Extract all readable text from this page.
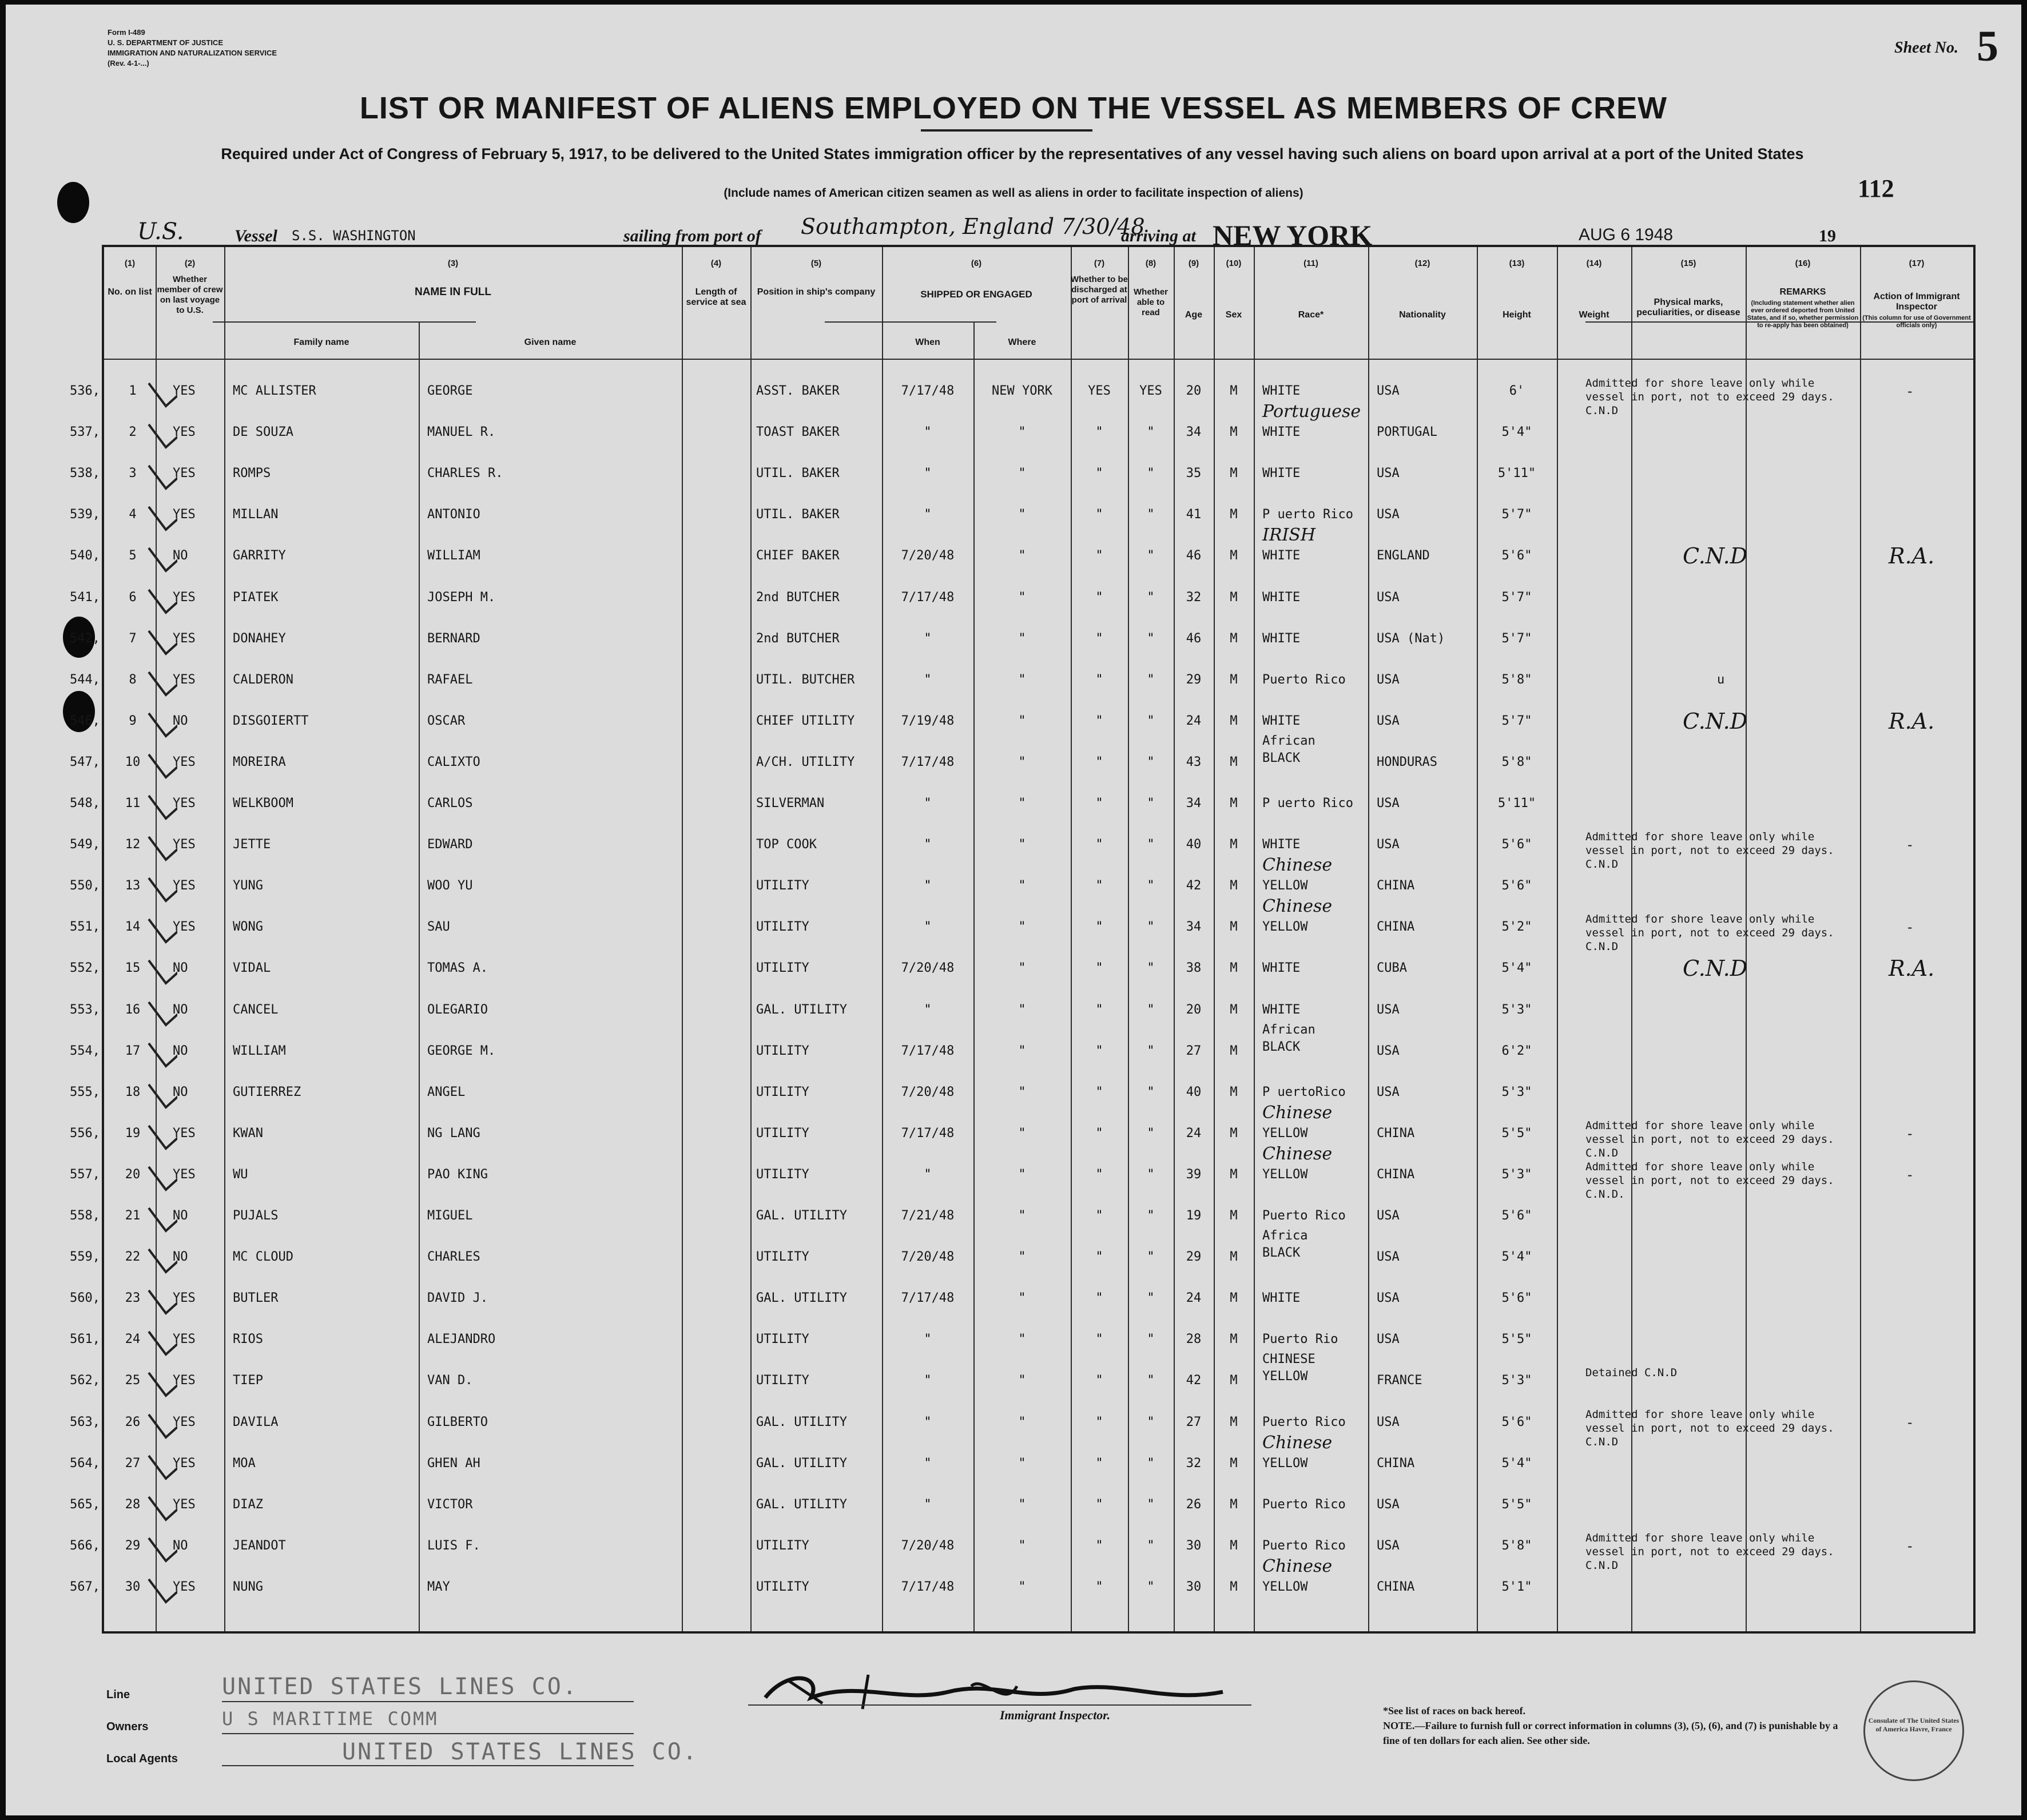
Form I-489
U. S. DEPARTMENT OF JUSTICE
IMMIGRATION AND NATURALIZATION SERVICE
(Rev. 4-1-...)
Sheet No. 5
LIST OR MANIFEST OF ALIENS EMPLOYED ON THE VESSEL AS MEMBERS OF CREW
Required under Act of Congress of February 5, 1917, to be delivered to the United States immigration officer by the representatives of any vessel having such aliens on board upon arrival at a port of the United States
(Include names of American citizen seamen as well as aliens in order to facilitate inspection of aliens)	112
U.S.	Vessel S.S. WASHINGTON	sailing from port of Southampton, England 7/30/48
arriving at NEW YORK	AUG 6 1948	19
(1)	(2)	(3)	(4)	(5)	(6)	(7)	(8)	(9)	(10)	(11)	(12)	(13)	(14)	(15)	(16)	(17)
No. on list
Whether member of crew on last voyage to U.S.
NAME IN FULL
Family name	Given name
Length of service at sea
Position in ship's company	SHIPPED OR ENGAGED
When	Where
Whether to be discharged at port of arrival
Whether able to read	Age	Sex	Race*	Nationality	Height	Weight
Physical marks, peculiarities, or disease
REMARKS
(Including statement whether alien ever ordered deported from United States, and if so, whether permission to re-apply has been obtained)
Action of Immigrant Inspector
(This column for use of Government officials only)
536,	1	YES	MC ALLISTER	GEORGE	ASST. BAKER	7/17/48	NEW YORK	YES	YES	20	M	WHITE	USA	6'
Admitted for shore leave only while vessel in port, not to exceed 29 days. C.N.D
-
537,	2	YES	DE SOUZA	MANUEL R.	TOAST BAKER	"	"	"	"	34	M	WHITE
Portuguese
PORTUGAL	5'4"
538,	3	YES	ROMPS	CHARLES R.	UTIL. BAKER	"	"	"	"	35	M	WHITE	USA	5'11"
539,	4	YES	MILLAN	ANTONIO	UTIL. BAKER	"	"	"	"	41	M	P uerto Rico USA	5'7"
540,	5	NO	GARRITY	WILLIAM	CHIEF BAKER	7/20/48	"	"	"	46	M	WHITE
IRISH
ENGLAND	5'6"	C.N.D	R.A.
541,	6	YES	PIATEK	JOSEPH M.	2nd BUTCHER	7/17/48	"	"	"	32	M	WHITE	USA	5'7"
542,	7	YES	DONAHEY	BERNARD	2nd BUTCHER	"	"	"	"	46	M	WHITE	USA (Nat)	5'7"
544,	8	YES	CALDERON	RAFAEL	UTIL. BUTCHER	"	"	"	"	29	M	Puerto Rico USA	5'8"	u
546,	9	NO	DISGOIERTT	OSCAR	CHIEF UTILITY	7/19/48	"	"	"	24	M	WHITE	USA	5'7"	C.N.D	R.A.
547,	10	YES	MOREIRA	CALIXTO	A/CH. UTILITY	7/17/48	"	"	"	43	M
African
BLACK	HONDURAS	5'8"
548,	11	YES	WELKBOOM	CARLOS	SILVERMAN	"	"	"	"	34	M	P uerto Rico USA	5'11"
549,	12	YES	JETTE	EDWARD	TOP COOK	"	"	"	"	40	M	WHITE	USA	5'6"
Admitted for shore leave only while vessel in port, not to exceed 29 days. C.N.D
-
550,	13	YES	YUNG	WOO YU	UTILITY	"	"	"	"	42	M	YELLOW
Chinese
CHINA	5'6"
551,	14	YES	WONG	SAU	UTILITY	"	"	"	"	34	M	YELLOW
Chinese
CHINA	5'2"
Admitted for shore leave only while vessel in port, not to exceed 29 days. C.N.D
-
552,	15	NO	VIDAL	TOMAS A.	UTILITY	7/20/48	"	"	"	38	M	WHITE	CUBA	5'4"	C.N.D	R.A.
553,	16	NO	CANCEL	OLEGARIO	GAL. UTILITY	"	"	"	"	20	M	WHITE	USA	5'3"
554,	17	NO	WILLIAM	GEORGE M.	UTILITY	7/17/48	"	"	"	27	M
African
BLACK	USA	6'2"
555,	18	NO	GUTIERREZ	ANGEL	UTILITY	7/20/48	"	"	"	40	M	P uertoRico USA	5'3"
556,	19	YES	KWAN	NG LANG	UTILITY	7/17/48	"	"	"	24	M	YELLOW
Chinese
CHINA	5'5"
Admitted for shore leave only while vessel in port, not to exceed 29 days. C.N.D
-
557,	20	YES	WU	PAO KING	UTILITY	"	"	"	"	39	M	YELLOW
Chinese
CHINA	5'3"
Admitted for shore leave only while vessel in port, not to exceed 29 days. C.N.D.
-
558,	21	NO	PUJALS	MIGUEL	GAL. UTILITY	7/21/48	"	"	"	19	M	Puerto Rico USA	5'6"
559,	22	NO	MC CLOUD	CHARLES	UTILITY	7/20/48	"	"	"	29	M
Africa
BLACK	USA	5'4"
560,	23	YES	BUTLER	DAVID J.	GAL. UTILITY	7/17/48	"	"	"	24	M	WHITE	USA	5'6"
561,	24	YES	RIOS	ALEJANDRO	UTILITY	"	"	"	"	28	M	Puerto Rio	USA	5'5"
562,	25	YES	TIEP	VAN D.	UTILITY	"	"	"	"	42	M
CHINESE
YELLOW	FRANCE	5'3"
Detained C.N.D
563,	26	YES	DAVILA	GILBERTO	GAL. UTILITY	"	"	"	"	27	M	Puerto Rico USA	5'6"
Admitted for shore leave only while vessel in port, not to exceed 29 days. C.N.D
-
564,	27	YES	MOA	GHEN AH	GAL. UTILITY	"	"	"	"	32	M	YELLOW
Chinese
CHINA	5'4"
565,	28	YES	DIAZ	VICTOR	GAL. UTILITY	"	"	"	"	26	M	Puerto Rico USA	5'5"
566,	29	NO	JEANDOT	LUIS F.	UTILITY	7/20/48	"	"	"	30	M	Puerto Rico USA	5'8"
Admitted for shore leave only while vessel in port, not to exceed 29 days. C.N.D
-
567,	30	YES	NUNG	MAY	UTILITY	7/17/48	"	"	"	30	M	YELLOW
Chinese
CHINA	5'1"
Line	UNITED STATES LINES CO.
Owners	U S MARITIME COMM
Local Agents	UNITED STATES LINES CO.
Immigrant Inspector.	*See list of races on back hereof.
NOTE.—Failure to furnish full or correct information in columns (3), (5), (6), and (7) is punishable by a fine of ten dollars for each alien. See other side.
Consulate of The United States of America Havre, France
